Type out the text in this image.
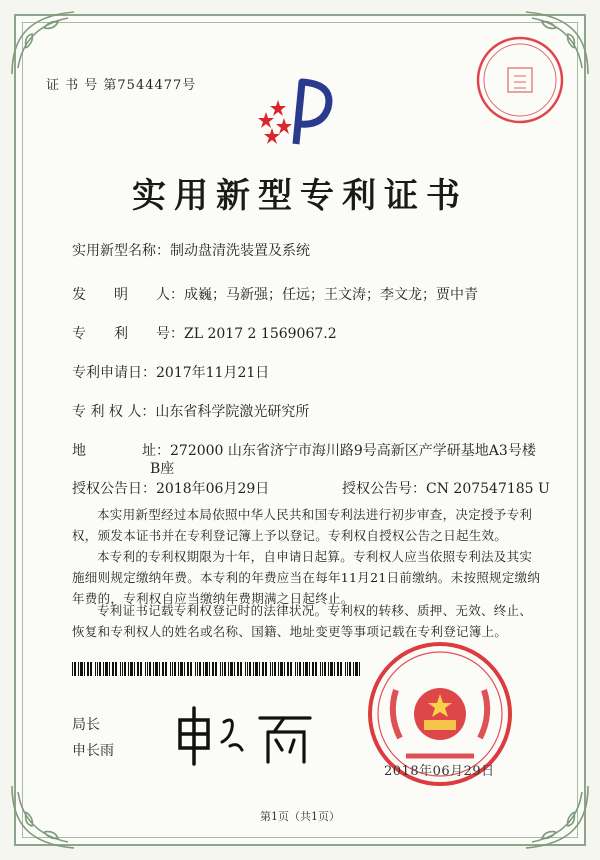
证 书 号 第7544477号
实用新型专利证书
实用新型名称：制动盘清洗装置及系统
发　　明　　人：成巍；马新强；任远；王文涛；李文龙；贾中青
专　　利　　号：ZL 2017 2 1569067.2
专利申请日：2017年11月21日
专 利 权 人：山东省科学院激光研究所
地　　　　址：272000 山东省济宁市海川路9号高新区产学研基地A3号楼
B座
授权公告日：2018年06月29日	授权公告号：CN 207547185 U

本实用新型经过本局依照中华人民共和国专利法进行初步审查，决定授予专利权，颁发本证书并在专利登记簿上予以登记。专利权自授权公告之日起生效。

本专利的专利权期限为十年，自申请日起算。专利权人应当依照专利法及其实施细则规定缴纳年费。本专利的年费应当在每年11月21日前缴纳。未按照规定缴纳年费的，专利权自应当缴纳年费期满之日起终止。

专利证书记载专利权登记时的法律状况。专利权的转移、质押、无效、终止、恢复和专利权人的姓名或名称、国籍、地址变更等事项记载在专利登记簿上。

局长
申长雨
2018年06月29日
第1页（共1页）
